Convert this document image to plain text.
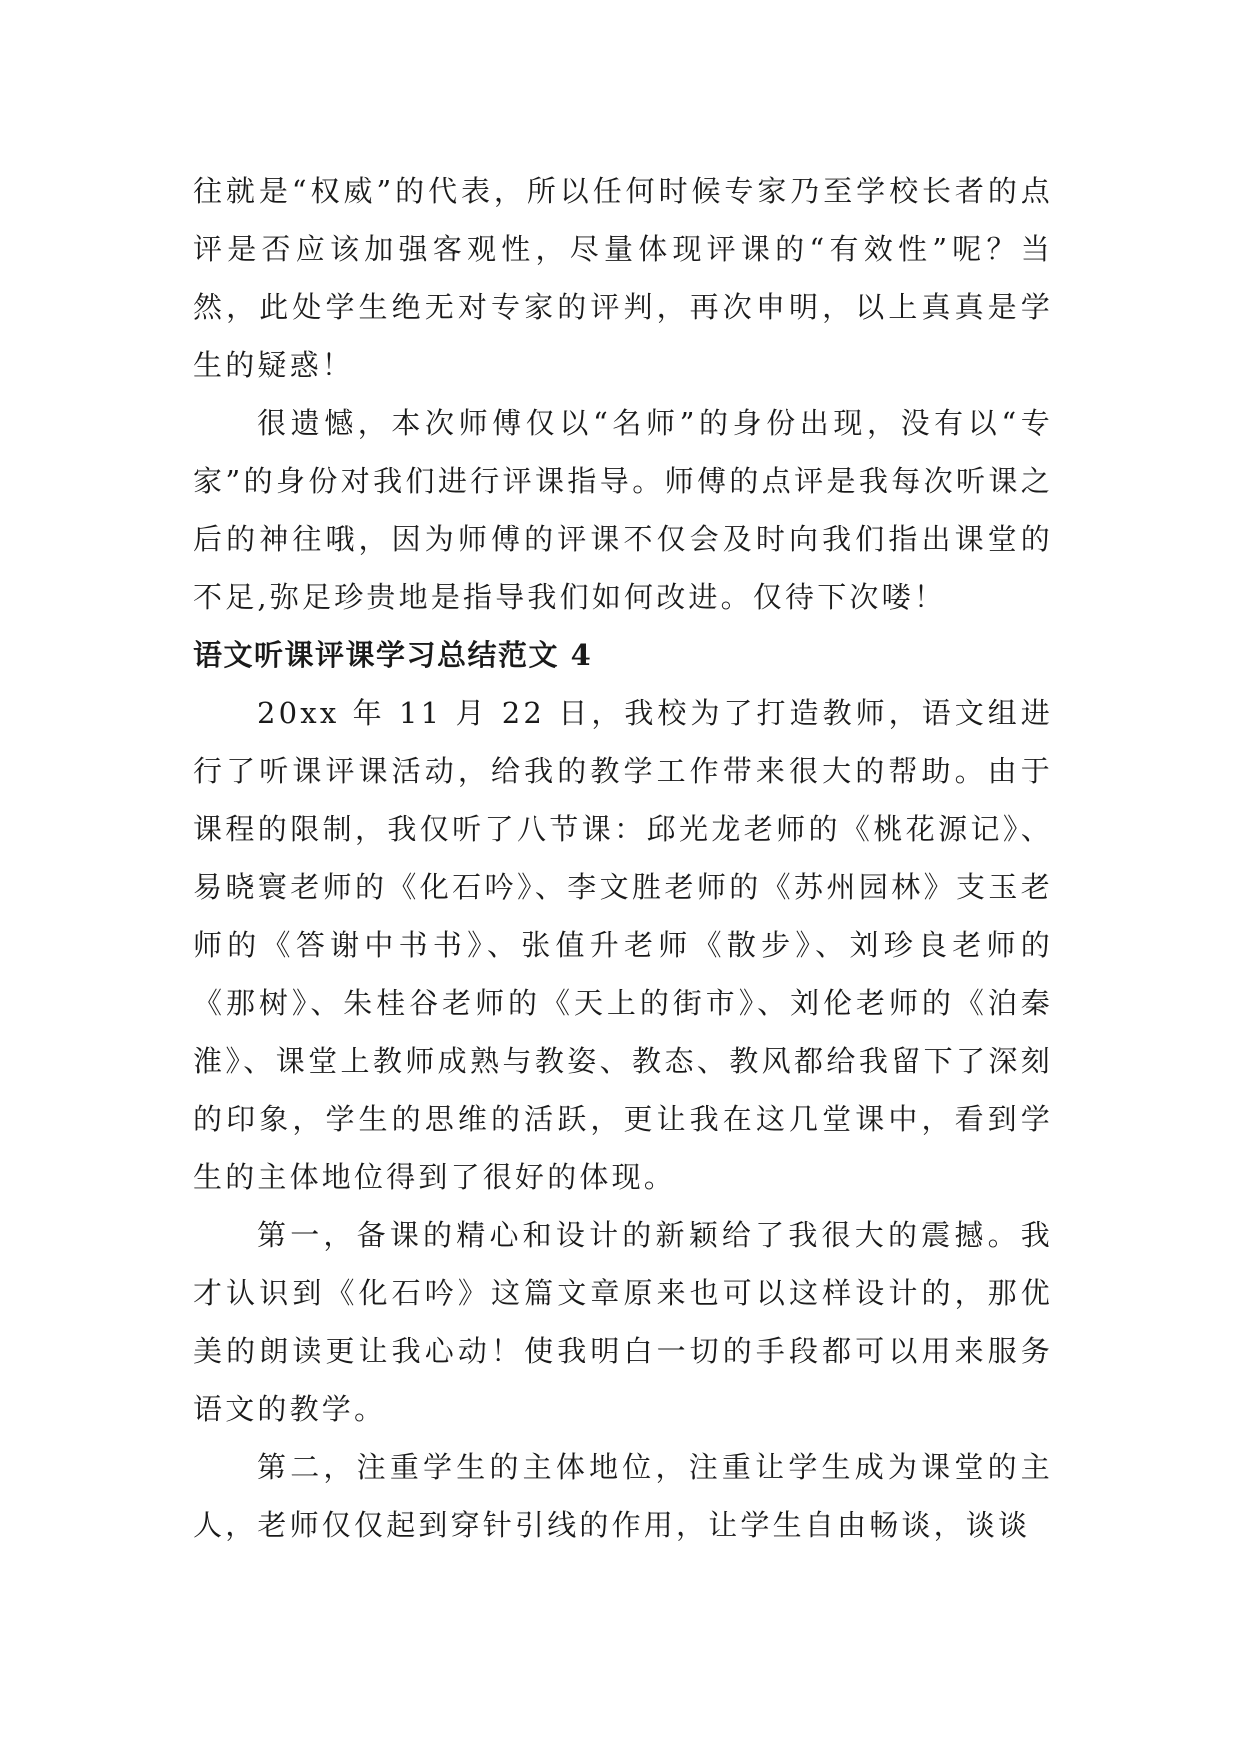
往就是“权威”的代表，所以任何时候专家乃至学校长者的点评是否应该加强客观性，尽量体现评课的“有效性”呢？当然，此处学生绝无对专家的评判，再次申明，以上真真是学生的疑惑！

很遗憾，本次师傅仅以“名师”的身份出现，没有以“专家”的身份对我们进行评课指导。师傅的点评是我每次听课之后的神往哦，因为师傅的评课不仅会及时向我们指出课堂的不足,弥足珍贵地是指导我们如何改进。仅待下次喽！

语文听课评课学习总结范文 4

20xx 年 11 月 22 日，我校为了打造教师，语文组进行了听课评课活动，给我的教学工作带来很大的帮助。由于课程的限制，我仅听了八节课：邱光龙老师的《桃花源记》、易晓寰老师的《化石吟》、李文胜老师的《苏州园林》支玉老师的《答谢中书书》、张值升老师《散步》、刘珍良老师的《那树》、朱桂谷老师的《天上的街市》、刘伦老师的《泊秦淮》、课堂上教师成熟与教姿、教态、教风都给我留下了深刻的印象，学生的思维的活跃，更让我在这几堂课中，看到学生的主体地位得到了很好的体现。

第一，备课的精心和设计的新颖给了我很大的震撼。我才认识到《化石吟》这篇文章原来也可以这样设计的，那优美的朗读更让我心动！使我明白一切的手段都可以用来服务语文的教学。

第二，注重学生的主体地位，注重让学生成为课堂的主人，老师仅仅起到穿针引线的作用，让学生自由畅谈，谈谈
